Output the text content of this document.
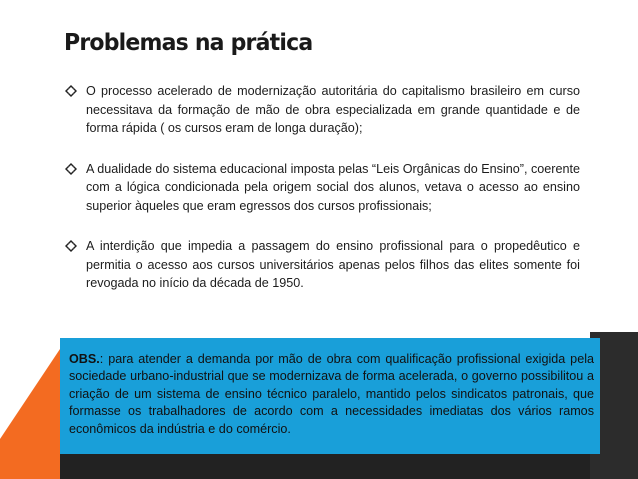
Problemas na prática
O processo acelerado de modernização autoritária do capitalismo brasileiro em curso necessitava da formação de mão de obra especializada em grande quantidade e de forma rápida ( os cursos eram de longa duração);
A dualidade do sistema educacional imposta pelas “Leis Orgânicas do Ensino”, coerente com a lógica condicionada pela origem social dos alunos, vetava o acesso ao ensino superior àqueles que eram egressos dos cursos profissionais;
A interdição que impedia a passagem do ensino profissional para o propedêutico e permitia o acesso aos cursos universitários apenas pelos filhos das elites somente foi revogada no início da década de 1950.
OBS.: para atender a demanda por mão de obra com qualificação profissional exigida pela sociedade urbano-industrial que se modernizava de forma acelerada, o governo possibilitou a criação de um sistema de ensino técnico paralelo, mantido pelos sindicatos patronais, que formasse os trabalhadores de acordo com a necessidades imediatas dos vários ramos econômicos da indústria e do comércio.
